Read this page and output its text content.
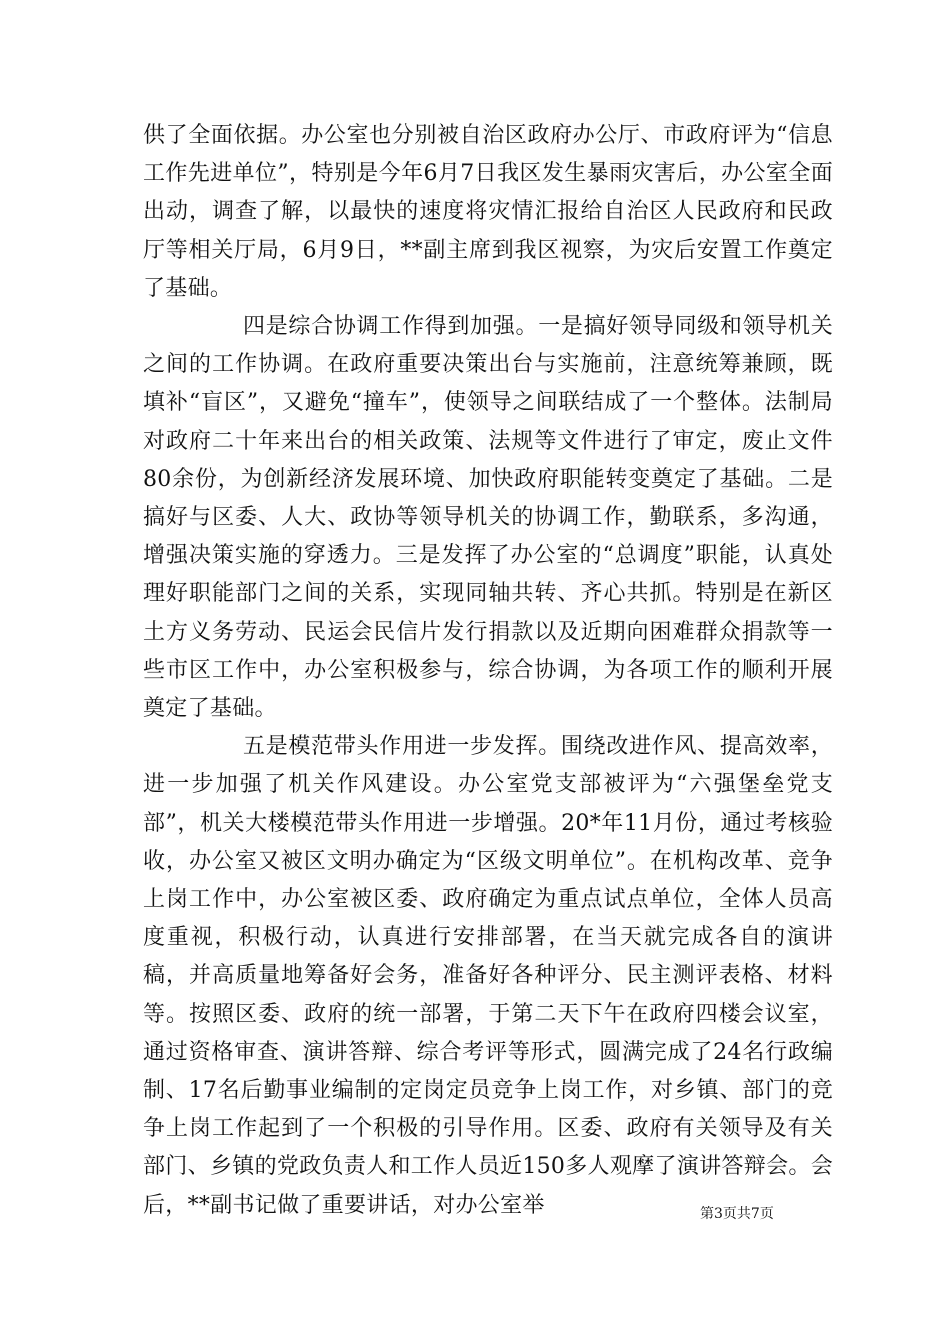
供了全面依据。办公室也分别被自治区政府办公厅、市政府评为“信息工作先进单位”，特别是今年6月7日我区发生暴雨灾害后，办公室全面出动，调查了解，以最快的速度将灾情汇报给自治区人民政府和民政厅等相关厅局，6月9日，**副主席到我区视察，为灾后安置工作奠定了基础。

四是综合协调工作得到加强。一是搞好领导同级和领导机关之间的工作协调。在政府重要决策出台与实施前，注意统筹兼顾，既填补“盲区”，又避免“撞车”，使领导之间联结成了一个整体。法制局对政府二十年来出台的相关政策、法规等文件进行了审定，废止文件80余份，为创新经济发展环境、加快政府职能转变奠定了基础。二是搞好与区委、人大、政协等领导机关的协调工作，勤联系，多沟通，增强决策实施的穿透力。三是发挥了办公室的“总调度”职能，认真处理好职能部门之间的关系，实现同轴共转、齐心共抓。特别是在新区土方义务劳动、民运会民信片发行捐款以及近期向困难群众捐款等一些市区工作中，办公室积极参与，综合协调，为各项工作的顺利开展奠定了基础。

五是模范带头作用进一步发挥。围绕改进作风、提高效率，进一步加强了机关作风建设。办公室党支部被评为“六强堡垒党支部”，机关大楼模范带头作用进一步增强。20*年11月份，通过考核验收，办公室又被区文明办确定为“区级文明单位”。在机构改革、竞争上岗工作中，办公室被区委、政府确定为重点试点单位，全体人员高度重视，积极行动，认真进行安排部署，在当天就完成各自的演讲稿，并高质量地筹备好会务，准备好各种评分、民主测评表格、材料等。按照区委、政府的统一部署，于第二天下午在政府四楼会议室，通过资格审查、演讲答辩、综合考评等形式，圆满完成了24名行政编制、17名后勤事业编制的定岗定员竞争上岗工作，对乡镇、部门的竞争上岗工作起到了一个积极的引导作用。区委、政府有关领导及有关部门、乡镇的党政负责人和工作人员近150多人观摩了演讲答辩会。会后，**副书记做了重要讲话，对办公室举	第3页共7页
